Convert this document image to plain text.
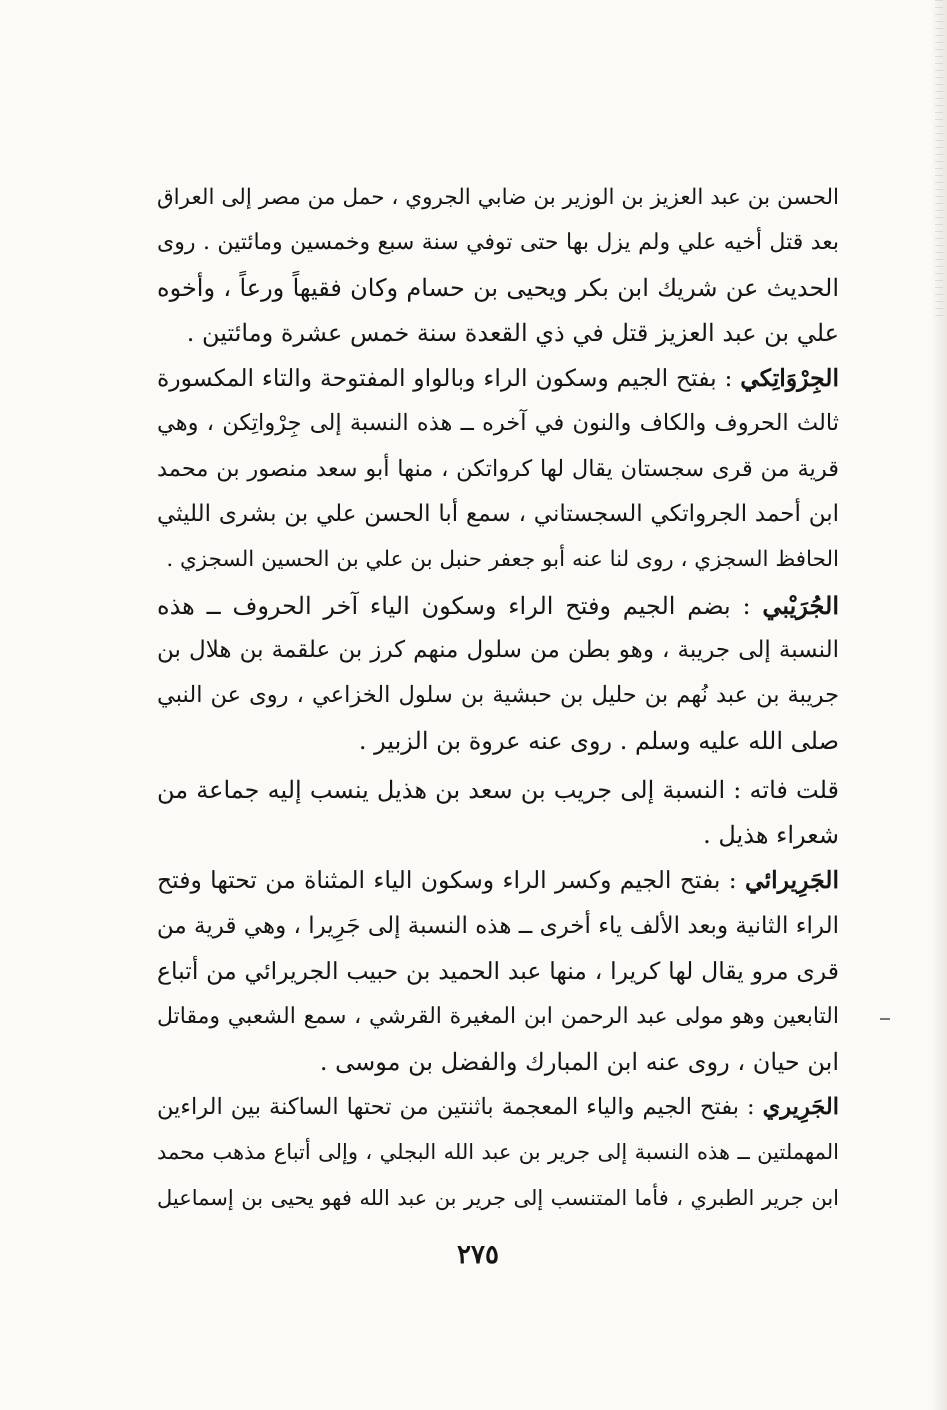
الحسن بن عبد العزيز بن الوزير بن ضابي الجروي ، حمل من مصر إلى العراق
بعد قتل أخيه علي ولم يزل بها حتى توفي سنة سبع وخمسين ومائتين . روى
الحديث عن شريك ابن بكر ويحيى بن حسام وكان فقيهاً ورعاً ، وأخوه
علي بن عبد العزيز قتل في ذي القعدة سنة خمس عشرة ومائتين .
الجِرْوَاتِكي : بفتح الجيم وسكون الراء وبالواو المفتوحة والتاء المكسورة
ثالث الحروف والكاف والنون في آخره ــ هذه النسبة إلى جِرْواتِكن ، وهي
قرية من قرى سجستان يقال لها كرواتكن ، منها أبو سعد منصور بن محمد
ابن أحمد الجرواتكي السجستاني ، سمع أبا الحسن علي بن بشرى الليثي
الحافظ السجزي ، روى لنا عنه أبو جعفر حنبل بن علي بن الحسين السجزي .
الجُرَيْبي : بضم الجيم وفتح الراء وسكون الياء آخر الحروف ــ هذه
النسبة إلى جريبة ، وهو بطن من سلول منهم كرز بن علقمة بن هلال بن
جريبة بن عبد نُهم بن حليل بن حبشية بن سلول الخزاعي ، روى عن النبي
صلى الله عليه وسلم . روى عنه عروة بن الزبير .
قلت فاته : النسبة إلى جريب بن سعد بن هذيل ينسب إليه جماعة من
شعراء هذيل .
الجَرِيرائي : بفتح الجيم وكسر الراء وسكون الياء المثناة من تحتها وفتح
الراء الثانية وبعد الألف ياء أخرى ــ هذه النسبة إلى جَرِيرا ، وهي قرية من
قرى مرو يقال لها كريرا ، منها عبد الحميد بن حبيب الجريرائي من أتباع
التابعين وهو مولى عبد الرحمن ابن المغيرة القرشي ، سمع الشعبي ومقاتل
ابن حيان ، روى عنه ابن المبارك والفضل بن موسى .
الجَرِيري : بفتح الجيم والياء المعجمة باثنتين من تحتها الساكنة بين الراءين
المهملتين ــ هذه النسبة إلى جرير بن عبد الله البجلي ، وإلى أتباع مذهب محمد
ابن جرير الطبري ، فأما المتنسب إلى جرير بن عبد الله فهو يحيى بن إسماعيل
٢٧٥
